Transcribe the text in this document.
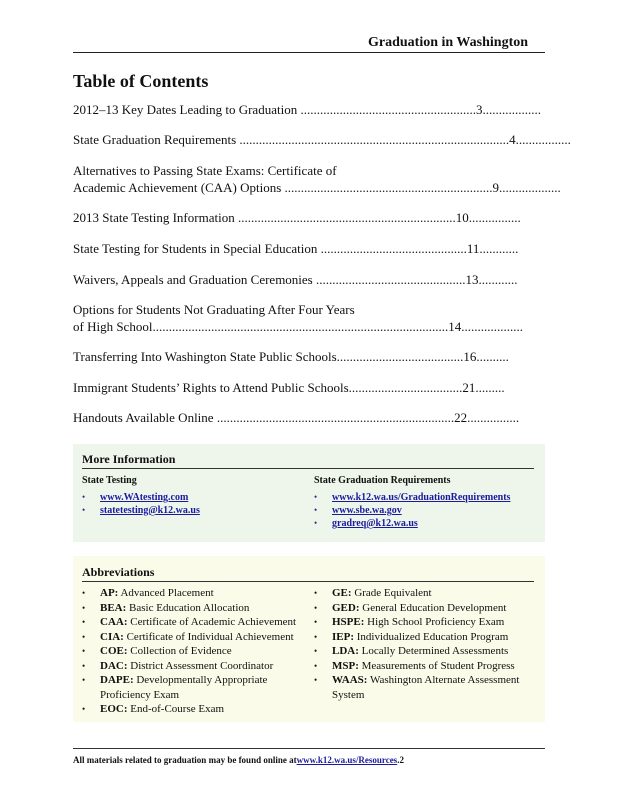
Graduation in Washington
Table of Contents
2012–13 Key Dates Leading to Graduation ......................................................3..................
State Graduation Requirements ...................................................................................4.................
Alternatives to Passing State Exams: Certificate of
Academic Achievement (CAA) Options ................................................................9...................
2013 State Testing Information ...................................................................10................
State Testing for Students in Special Education .............................................11............
Waivers, Appeals and Graduation Ceremonies ..............................................13............
Options for Students Not Graduating After Four Years
of High School...........................................................................................14...................
Transferring Into Washington State Public Schools.......................................16..........
Immigrant Students’ Rights to Attend Public Schools...................................21.........
Handouts Available Online .........................................................................22................
More Information
State Testing
• www.WAtesting.com
• statetesting@k12.wa.us
State Graduation Requirements
• www.k12.wa.us/GraduationRequirements
• www.sbe.wa.gov
• gradreq@k12.wa.us
Abbreviations
• AP: Advanced Placement
• BEA: Basic Education Allocation
• CAA: Certificate of Academic Achievement
• CIA: Certificate of Individual Achievement
• COE: Collection of Evidence
• DAC: District Assessment Coordinator
• DAPE: Developmentally Appropriate Proficiency Exam
• EOC: End-of-Course Exam
• GE: Grade Equivalent
• GED: General Education Development
• HSPE: High School Proficiency Exam
• IEP: Individualized Education Program
• LDA: Locally Determined Assessments
• MSP: Measurements of Student Progress
• WAAS: Washington Alternate Assessment System
All materials related to graduation may be found online atwww.k12.wa.us/Resources.2
